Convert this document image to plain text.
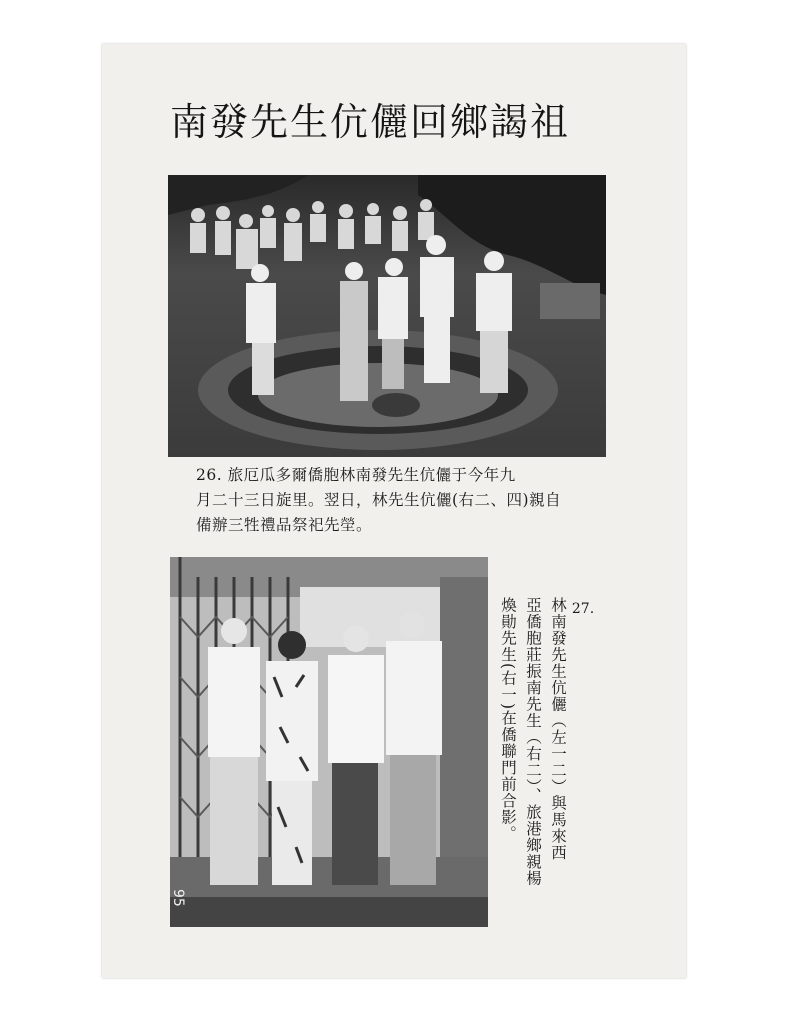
南發先生伉儷回鄉謁祖
26. 旅厄瓜多爾僑胞林南發先生伉儷于今年九
月二十三日旋里。翌日，林先生伉儷(右二、四)親自
備辦三牲禮品祭祀先塋。
95
27.
林南發先生伉儷（左一二）與馬來西
亞僑胞莊振南先生（右二）、旅港鄉親楊
煥勛先生(右一)在僑聯門前合影。
